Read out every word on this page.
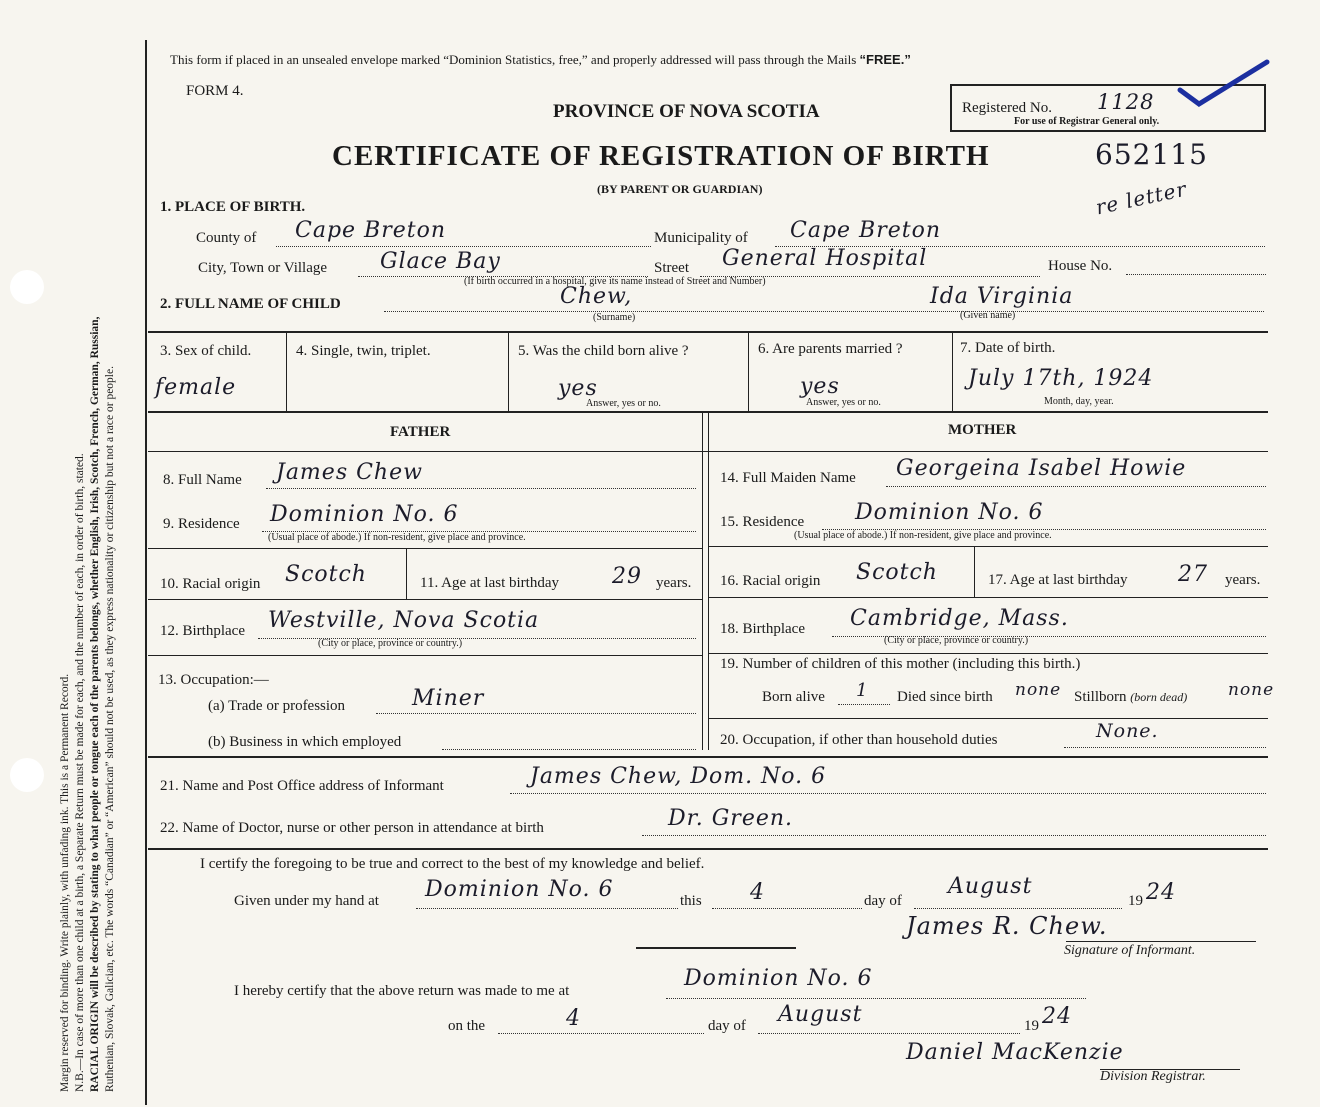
Margin reserved for binding. Write plainly, with unfading ink. This is a Permanent Record. N.B.—In case of more than one child at a birth, a Separate Return must be made for each, and the number of each, in order of birth, stated. RACIAL ORIGIN will be described by stating to what people or tongue each of the parents belongs, whether English, Irish, Scotch, French, German, Russian, Ruthenian, Slovak, Galician, etc. The words “Canadian” or “American” should not be used, as they express nationality or citizenship but not a race or people.
This form if placed in an unsealed envelope marked “Dominion Statistics, free,” and properly addressed will pass through the Mails “FREE.”
FORM 4.
PROVINCE OF NOVA SCOTIA
CERTIFICATE OF REGISTRATION OF BIRTH
(BY PARENT OR GUARDIAN)
Registered No. 1128
For use of Registrar General only.
652115
re letter
1. PLACE OF BIRTH.
County of Cape Breton	Municipality of Cape Breton
City, Town or Village Glace Bay	Street General Hospital	House No.
(If birth occurred in a hospital, give its name instead of Street and Number)
2. FULL NAME OF CHILD	Chew,
(Surname)
Ida Virginia
(Given name)
3. Sex of child.
female
4. Single, twin, triplet.	5. Was the child born alive ?
yes
Answer, yes or no.
6. Are parents married ?
yes
Answer, yes or no.
7. Date of birth.
July 17th, 1924
Month, day, year.
FATHER	MOTHER
8. Full Name James Chew
9. Residence Dominion No. 6
(Usual place of abode.) If non-resident, give place and province.
10. Racial origin Scotch	11. Age at last birthday 29 years.
12. Birthplace Westville, Nova Scotia
(City or place, province or country.)
13. Occupation:—
(a) Trade or profession	Miner
(b) Business in which employed
14. Full Maiden Name Georgeina Isabel Howie
15. Residence Dominion No. 6
(Usual place of abode.) If non-resident, give place and province.
16. Racial origin Scotch	17. Age at last birthday 27 years.
18. Birthplace Cambridge, Mass.
(City or place, province or country.)
19. Number of children of this mother (including this birth.)
Born alive 1 Died since birth none Stillborn (born dead) none
20. Occupation, if other than household duties	None.
21. Name and Post Office address of Informant	James Chew, Dom. No. 6
22. Name of Doctor, nurse or other person in attendance at birth	Dr. Green.
I certify the foregoing to be true and correct to the best of my knowledge and belief.
Given under my hand at Dominion No. 6	this 4	day of
August
19 24
James R. Chew.
Signature of Informant.
I hereby certify that the above return was made to me at	Dominion No. 6
on the	4	day of August	19 24
Daniel MacKenzie
Division Registrar.
